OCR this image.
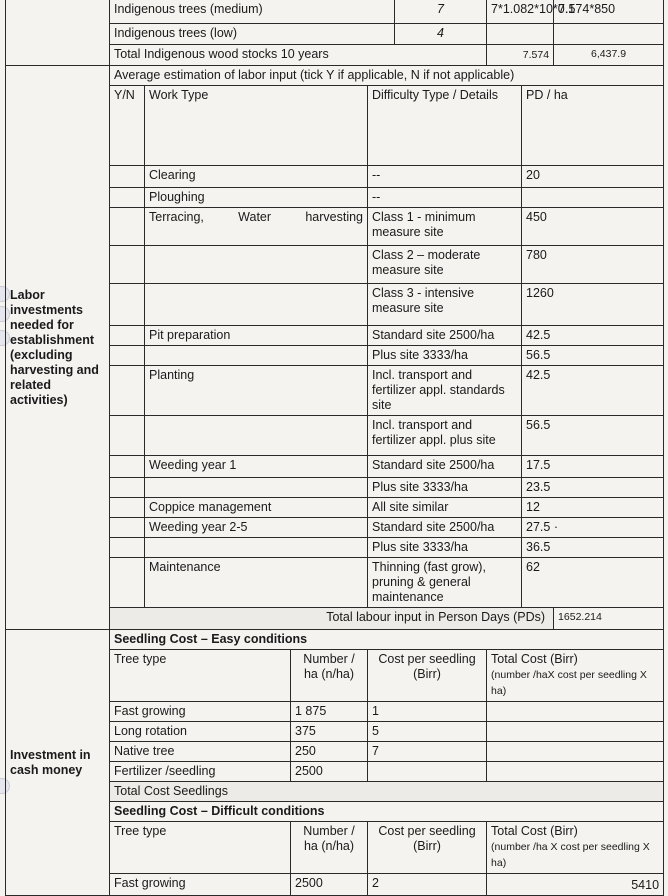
	Indigenous trees (medium)				7	7*1.082*10*0.1		7.574*850	
	Indigenous trees (low)				4				
	Total Indigenous wood stocks 10 years					7.574		6,437.9	
Labor investments needed for establishment (excluding harvesting and related activities)	Average estimation of labor input (tick Y if applicable, N if not applicable)								
	Y/N	Work Type		Difficulty Type / Details			PD / ha	
		Clearing		--			20	
		Ploughing		--					
		Terracing, Water harvesting		Class 1 - minimum measure site			450		
				Class 2 – moderate measure site			780		
				Class 3 - intensive measure site			1260	
		Pit preparation		Standard site 2500/ha			42.5		
				Plus site 3333/ha			56.5	
		Planting		Incl. transport and fertilizer appl. standards site			42.5		
				Incl. transport and fertilizer appl. plus site			56.5	
		Weeding year 1		Standard site 2500/ha			17.5		
				Plus site 3333/ha			23.5	
		Coppice management		All site similar			12	
		Weeding year 2-5		Standard site 2500/ha			27.5 ·		
				Plus site 3333/ha			36.5	
		Maintenance		Thinning (fast grow), pruning & general maintenance			62	
	Total labour input in Person Days (PDs)							1652.214	
Investment in cash money	Seedling Cost – Easy conditions								
	Tree type		Number / ha (n/ha)	Cost per seedling (Birr)		Total Cost (Birr)
(number /haX cost per seedling X ha)			
	Fast growing		1 875	1					
	Long rotation		375	5					
	Native tree		250	7					
	Fertilizer /seedling		2500						
	Total Cost Seedlings								
	Seedling Cost – Difficult conditions								
	Tree type		Number / ha (n/ha)	Cost per seedling (Birr)		Total Cost (Birr)
(number /ha X cost per seedling X ha)			
	Fast growing		2500	2		5410			
